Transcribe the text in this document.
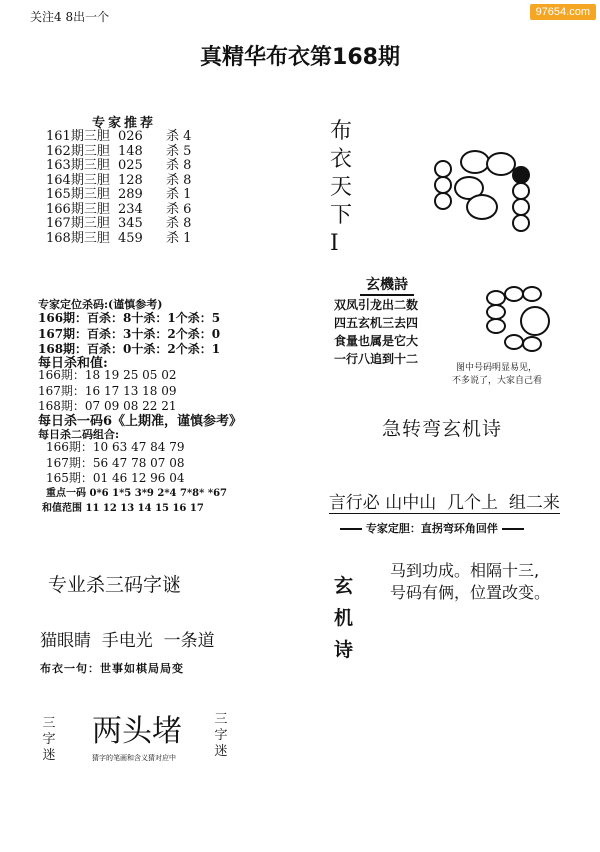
97654.com
关注4 8出一个
真精华布衣第168期
专家推荐
161期三胆 026 杀 4
162期三胆 148 杀 5
163期三胆 025 杀 8
164期三胆 128 杀 8
165期三胆 289 杀 1
166期三胆 234 杀 6
167期三胆 345 杀 8
168期三胆 459 杀 1
专家定位杀码:(谨慎参考)
166期：百杀：8十杀：1个杀：5
167期：百杀：3十杀：2个杀：0
168期：百杀：0十杀：2个杀：1
每日杀和值:
166期：18 19 25 05 02
167期：16 17 13 18 09
168期：07 09 08 22 21
每日杀一码6《上期准，谨慎参考》
每日杀二码组合:
166期：10 63 47 84 79
167期：56 47 78 07 08
165期：01 46 12 96 04
重点一码 0*6 1*5 3*9 2*4 7*8* *67
和值范围 11 12 13 14 15 16 17
专业杀三码字谜
猫眼睛  手电光  一条道
布衣一句：世事如棋局局变
三字迷
两头堵
猜字的笔画和含义猜对应中
三字迷
布衣天下Ⅰ
玄機詩
双凤引龙出二数
四五玄机三去四
食量也属是它大
一行八追到十二
图中号码明显易见，
不多说了，大家自己看
急转弯玄机诗

言行必 山中山  几个上  组二来

专家定胆：直拐弯环角回伴
玄机诗
马到功成。相隔十三,
号码有俩，位置改变。
